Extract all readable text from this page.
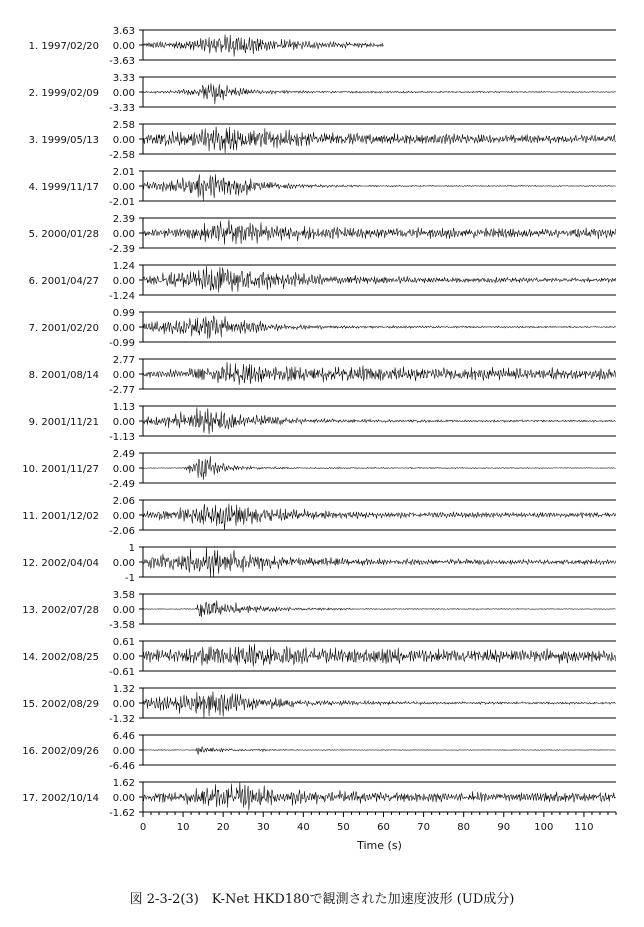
3.63
0.00
-3.63
1. 1997/02/20
3.33
0.00
-3.33
2. 1999/02/09
2.58
0.00
-2.58
3. 1999/05/13
2.01
0.00
-2.01
4. 1999/11/17
2.39
0.00
-2.39
5. 2000/01/28
1.24
0.00
-1.24
6. 2001/04/27
0.99
0.00
-0.99
7. 2001/02/20
2.77
0.00
-2.77
8. 2001/08/14
1.13
0.00
-1.13
9. 2001/11/21
2.49
0.00
-2.49
10. 2001/11/27
2.06
0.00
-2.06
11. 2001/12/02
1
0.00
-1
12. 2002/04/04
3.58
0.00
-3.58
13. 2002/07/28
0.61
0.00
-0.61
14. 2002/08/25
1.32
0.00
-1.32
15. 2002/08/29
6.46
0.00
-6.46
16. 2002/09/26
1.62
0.00
-1.62
17. 2002/10/14
0	10	20	30	40	50	60	70	80	90 100 110
Time (s)
図 2-3-2(3)　K-Net HKD180で観測された加速度波形 (UD成分)
